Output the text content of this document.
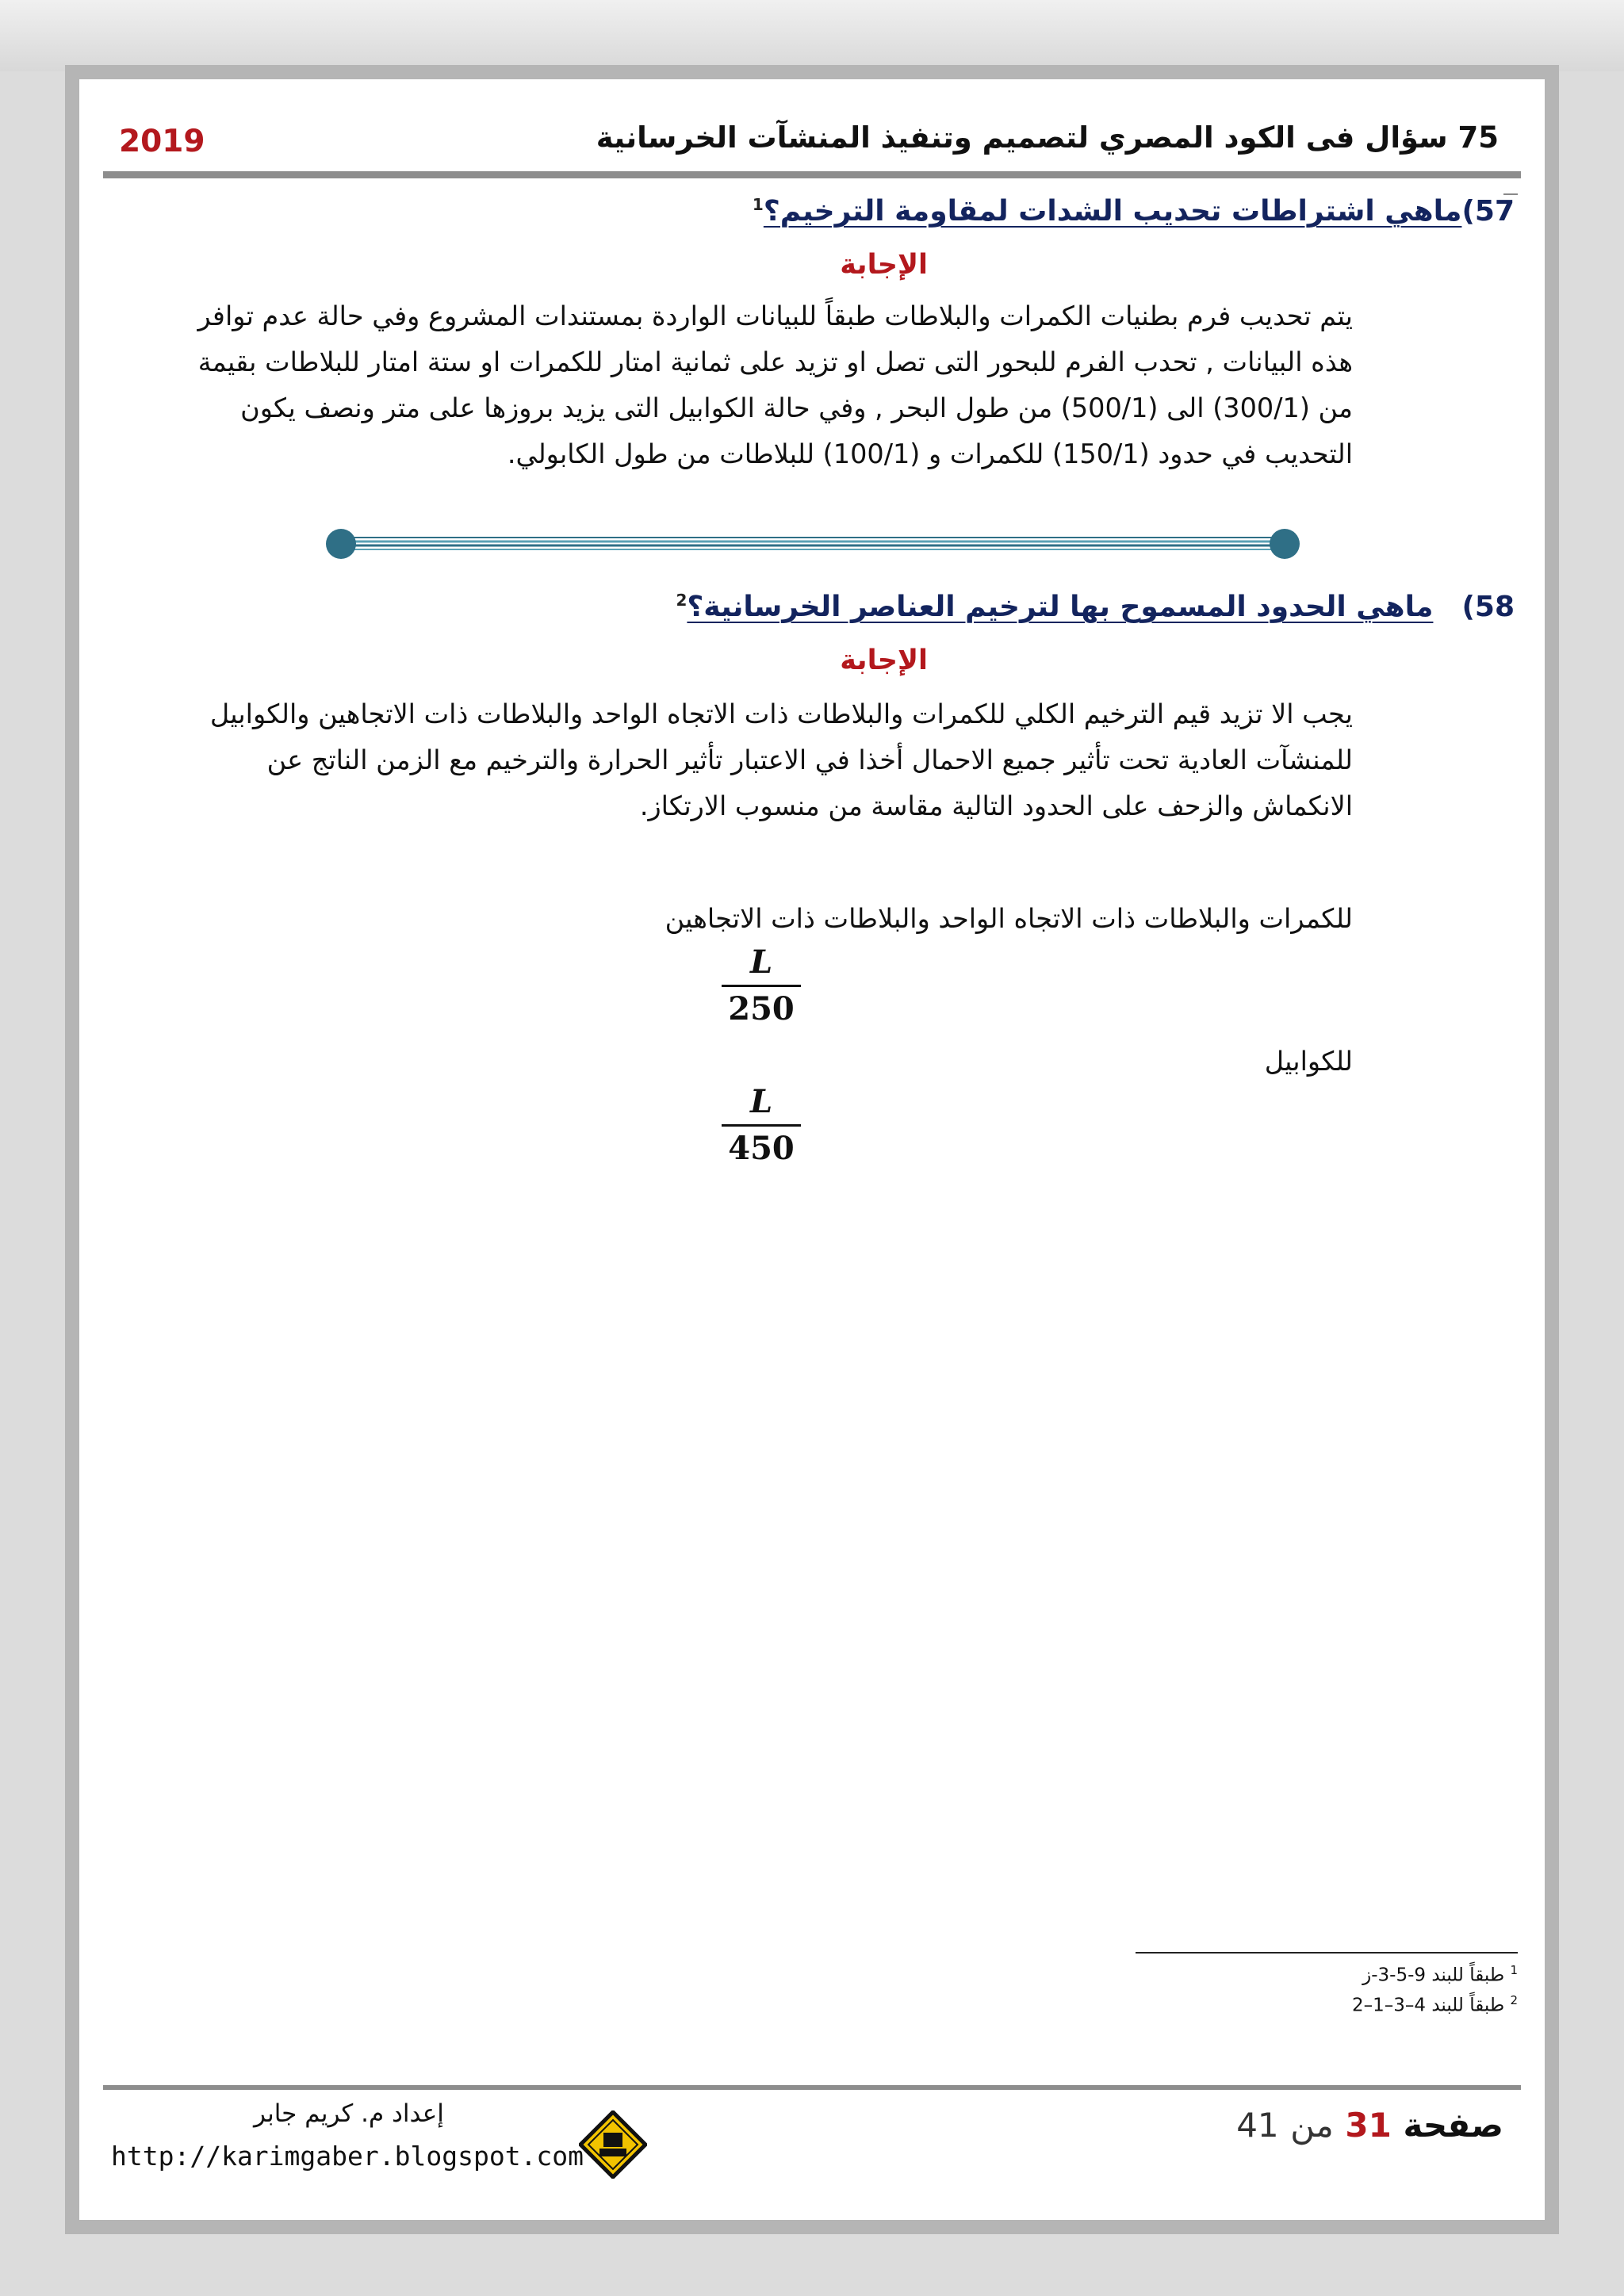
75 سؤال فى الكود المصري لتصميم وتنفيذ المنشآت الخرسانية
2019
57)ماهي اشتراطات تحديب الشدات لمقاومة الترخيم؟$^1$
الإجابة
يتم تحديب فرم بطنيات الكمرات والبلاطات طبقاً للبيانات الواردة بمستندات المشروع وفي حالة عدم توافر
هذه البيانات , تحدب الفرم للبحور التى تصل او تزيد على ثمانية امتار للكمرات او ستة امتار للبلاطات بقيمة
من (300/1) الى (500/1) من طول البحر , وفي حالة الكوابيل التى يزيد بروزها على متر ونصف يكون
التحديب في حدود (150/1) للكمرات و (100/1) للبلاطات من طول الكابولي.
58)ماهي الحدود المسموح بها لترخيم العناصر الخرسانية؟$^2$
الإجابة
يجب الا تزيد قيم الترخيم الكلي للكمرات والبلاطات ذات الاتجاه الواحد والبلاطات ذات الاتجاهين والكوابيل
للمنشآت العادية تحت تأثير جميع الاحمال أخذا في الاعتبار تأثير الحرارة والترخيم مع الزمن الناتج عن
الانكماش والزحف على الحدود التالية مقاسة من منسوب الارتكاز.
للكمرات والبلاطات ذات الاتجاه الواحد والبلاطات ذات الاتجاهين
L
250
للكوابيل
L
450
$^1$ طبقاً للبند 9-5-3-ز
$^2$ طبقاً للبند 4–3–1–2
صفحة 31 من 41
إعداد م. كريم جابر
http://karimgaber.blogspot.com
